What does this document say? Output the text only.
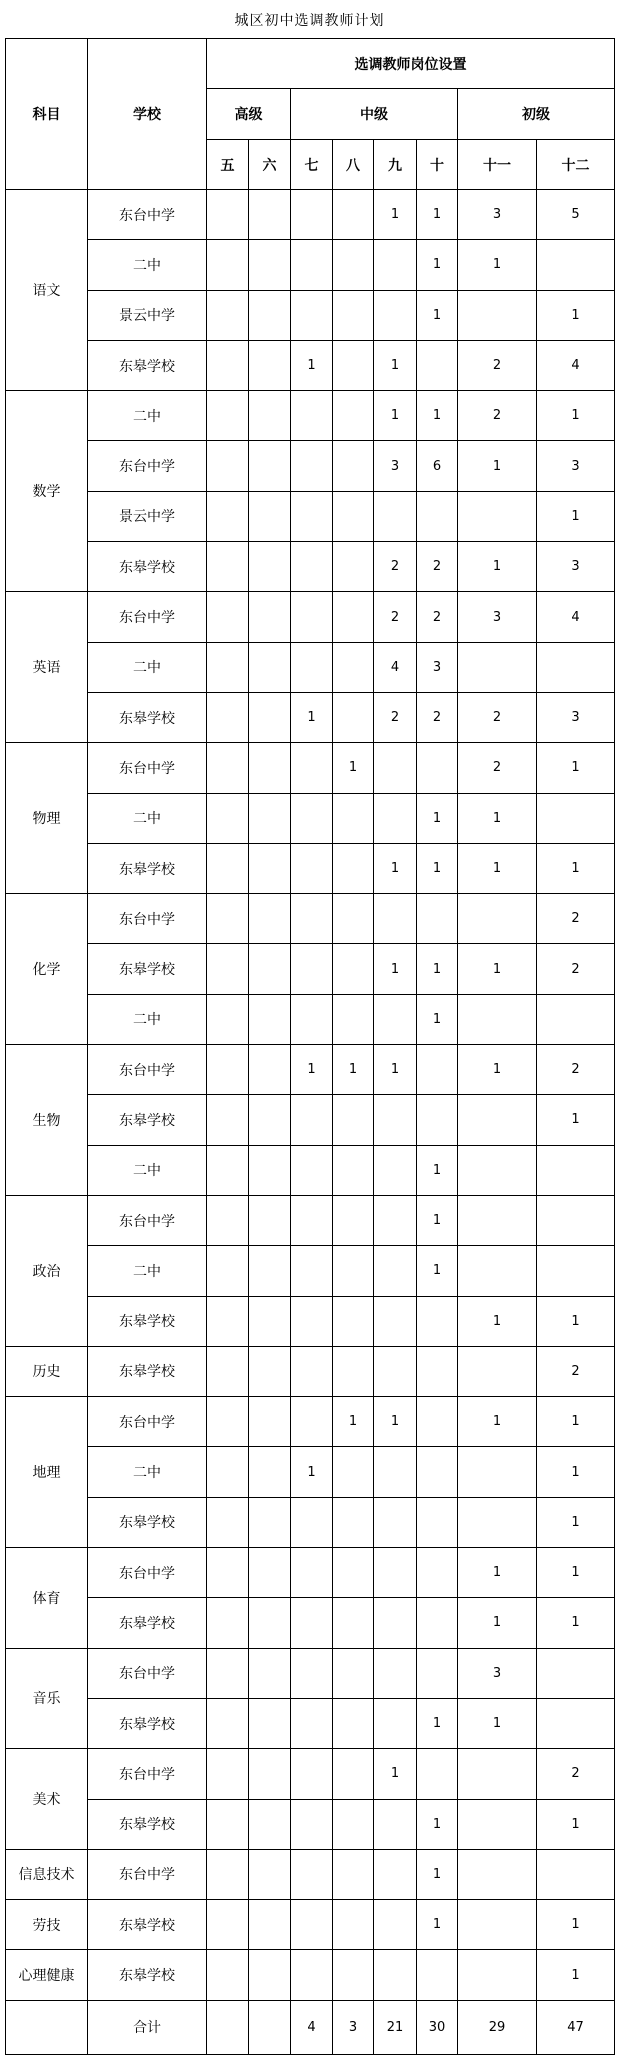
城区初中选调教师计划
科目	学校	选调教师岗位设置							
		高级		中级				初级	
		五	六	七	八	九	十	十一	十二
语文	东台中学					1	1	3	5
	二中						1	1	
	景云中学						1		1
	东皋学校			1		1		2	4
数学	二中					1	1	2	1
	东台中学					3	6	1	3
	景云中学								1
	东皋学校					2	2	1	3
英语	东台中学					2	2	3	4
	二中					4	3		
	东皋学校			1		2	2	2	3
物理	东台中学				1			2	1
	二中						1	1	
	东皋学校					1	1	1	1
化学	东台中学								2
	东皋学校					1	1	1	2
	二中						1		
生物	东台中学			1	1	1		1	2
	东皋学校								1
	二中						1		
政治	东台中学						1		
	二中						1		
	东皋学校							1	1
历史	东皋学校								2
地理	东台中学				1	1		1	1
	二中			1					1
	东皋学校								1
体育	东台中学							1	1
	东皋学校							1	1
音乐	东台中学							3	
	东皋学校						1	1	
美术	东台中学					1			2
	东皋学校						1		1
信息技术	东台中学						1		
劳技	东皋学校						1		1
心理健康	东皋学校								1
	合计			4	3	21	30	29	47
